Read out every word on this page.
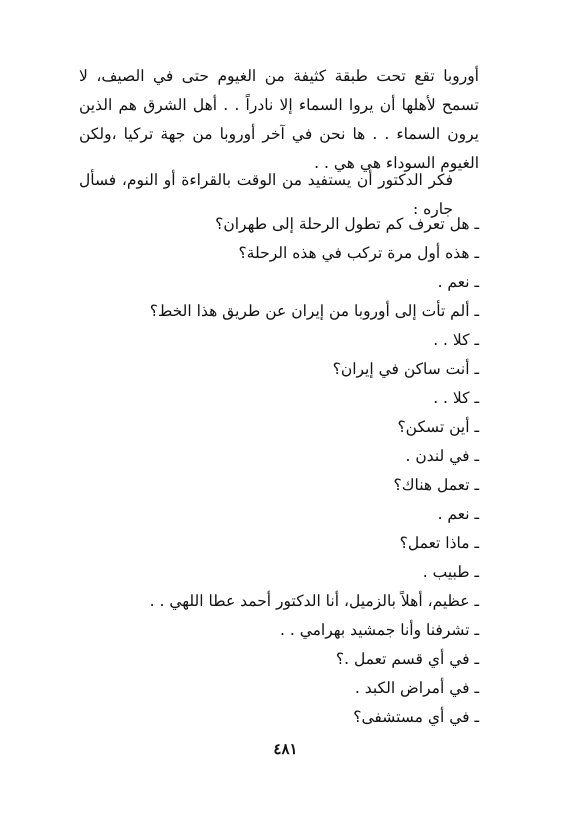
أوروبا تقع تحت طبقة كثيفة من الغيوم حتى في الصيف، لا تسمح لأهلها أن يروا السماء إلا نادراً . . أهل الشرق هم الذين يرون السماء . . ها نحن في آخر أوروبا من جهة تركيا ،ولكن الغيوم السوداء هي هي . .

فكر الدكتور أن يستفيد من الوقت بالقراءة أو النوم، فسأل جاره :

ـ هل تعرف كم تطول الرحلة إلى طهران؟

ـ هذه أول مرة تركب في هذه الرحلة؟

ـ نعم .

ـ ألم تأت إلى أوروبا من إيران عن طريق هذا الخط؟

ـ كلا . .

ـ أنت ساكن في إيران؟

ـ كلا . .

ـ أين تسكن؟

ـ في لندن .

ـ تعمل هناك؟

ـ نعم .

ـ ماذا تعمل؟

ـ طبيب .

ـ عظيم، أهلاً بالزميل، أنا الدكتور أحمد عطا اللهي . .

ـ تشرفنا وأنا جمشيد بهرامي . .

ـ في أي قسم تعمل .؟

ـ في أمراض الكبد .

ـ في أي مستشفى؟

٤٨١
